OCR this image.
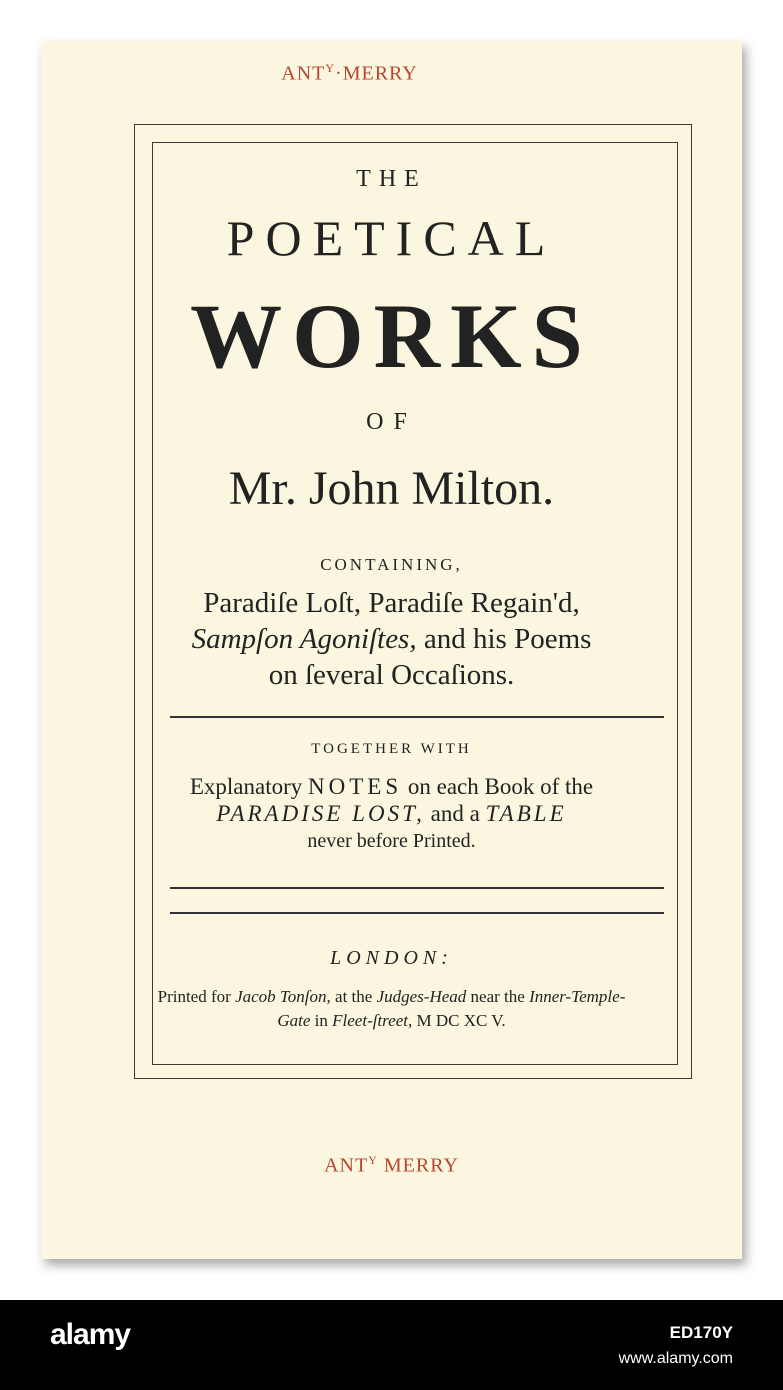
$ANT^Y\cdot MERRY$
THE
POETICAL
WORKS
OF
Mr. John Milton.
CONTAINING,
Paradiſe Loſt, Paradiſe Regain'd,
Sampſon Agoniſtes, and his Poems
on ſeveral Occaſions.
TOGETHER WITH
Explanatory NOTES on each Book of the
PARADISE LOST, and a TABLE
never before Printed.
LONDON:
Printed for Jacob Tonſon, at the Judges-Head near the Inner-Temple-
Gate in Fleet-ſtreet, M DC XC V.
$ANT^Y$ MERRY
alamy	ED170Y
www.alamy.com
